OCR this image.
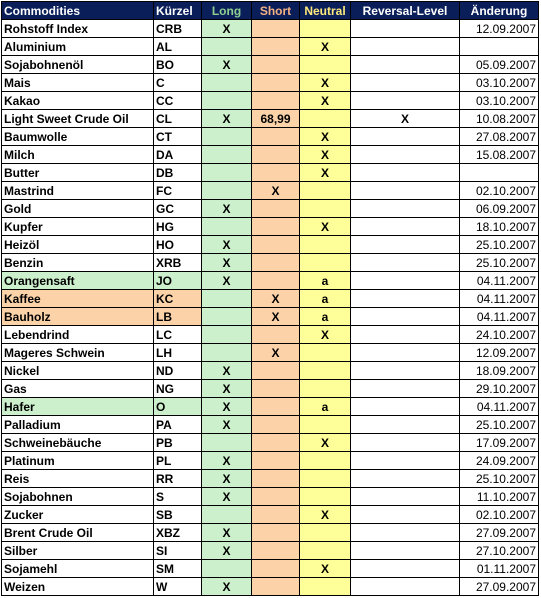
Commodities	Kürzel	Long	Short	Neutral	Reversal-Level	Änderung
Rohstoff Index	CRB	X				12.09.2007
Aluminium	AL			X		
Sojabohnenöl	BO	X				05.09.2007
Mais	C			X		03.10.2007
Kakao	CC			X		03.10.2007
Light Sweet Crude Oil	CL	X	68,99		X	10.08.2007
Baumwolle	CT			X		27.08.2007
Milch	DA			X		15.08.2007
Butter	DB			X		
Mastrind	FC		X			02.10.2007
Gold	GC	X				06.09.2007
Kupfer	HG			X		18.10.2007
Heizöl	HO	X				25.10.2007
Benzin	XRB	X				25.10.2007
Orangensaft	JO	X		a		04.11.2007
Kaffee	KC		X	a		04.11.2007
Bauholz	LB		X	a		04.11.2007
Lebendrind	LC			X		24.10.2007
Mageres Schwein	LH		X			12.09.2007
Nickel	ND	X				18.09.2007
Gas	NG	X				29.10.2007
Hafer	O	X		a		04.11.2007
Palladium	PA	X				25.10.2007
Schweinebäuche	PB			X		17.09.2007
Platinum	PL	X				24.09.2007
Reis	RR	X				25.10.2007
Sojabohnen	S	X				11.10.2007
Zucker	SB			X		02.10.2007
Brent Crude Oil	XBZ	X				27.09.2007
Silber	SI	X				27.10.2007
Sojamehl	SM			X		01.11.2007
Weizen	W	X				27.09.2007
